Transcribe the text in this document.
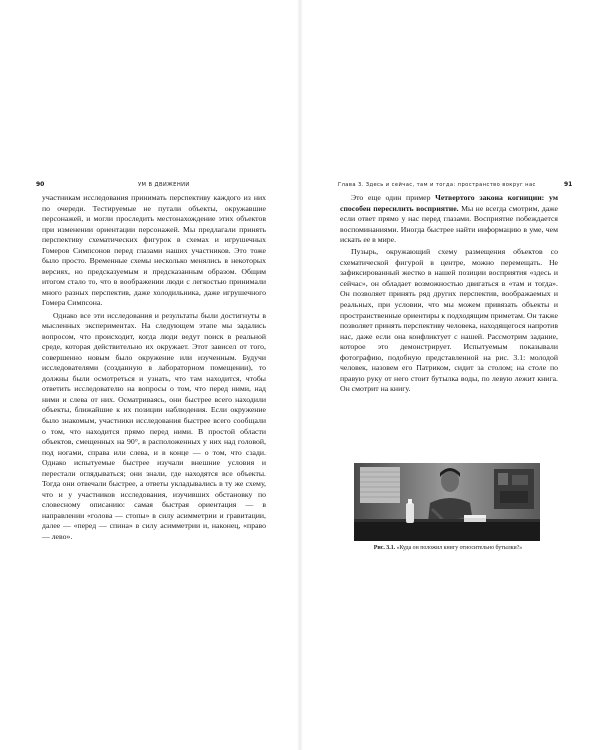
90	УМ В ДВИЖЕНИИ

участникам исследования принимать перспективу каждого из них по очереди. Тестируемые не путали объекты, окружавшие персонажей, и могли проследить местонахождение этих объектов при изменении ориентации персонажей. Мы предлагали принять перспективу схематических фигурок в схемах и игрушечных Гомеров Симпсонов перед глазами наших участников. Это тоже было просто. Временные схемы несколько менялись в некоторых версиях, но предсказуемым и предсказанным образом. Общим итогом стало то, что в воображении люди с легкостью принимали много разных перспектив, даже холодильника, даже игрушечного Гомера Симпсона.

Однако все эти исследования и результаты были достигнуты в мысленных экспериментах. На следующем этапе мы задались вопросом, что происходит, когда люди ведут поиск в реальной среде, которая действительно их окружает. Этот зависел от того, совершенно новым было окружение или изученным. Будучи исследователями (созданную в лабораторном помещении), то должны были осмотреться и узнать, что там находится, чтобы ответить исследователю на вопросы о том, что перед ними, над ними и слева от них. Осматриваясь, они быстрее всего находили объекты, ближайшие к их позиции наблюдения. Если окружение было знакомым, участники исследования быстрее всего сообщали о том, что находится прямо перед ними. В простой области объектов, смещенных на 90°, в расположенных у них над головой, под ногами, справа или слева, и в конце — о том, что сзади. Однако испытуемые быстрее изучали внешние условия и перестали оглядываться; они знали, где находятся все объекты. Тогда они отвечали быстрее, а ответы укладывались в ту же схему, что и у участников исследования, изучивших обстановку по словесному описанию: самая быстрая ориентация — в направлении «голова — стопы» в силу асимметрии и гравитации, далее — «перед — спина» в силу асимметрии и, наконец, «право — лево».

Глава 3. Здесь и сейчас, там и тогда: пространство вокруг нас	91

Это еще один пример Четвертого закона когниции: ум способен пересилить восприятие. Мы не всегда смотрим, даже если ответ прямо у нас перед глазами. Восприятие побеждается воспоминаниями. Иногда быстрее найти информацию в уме, чем искать ее в мире.

Пузырь, окружающий схему размещения объектов со схематической фигурой в центре, можно перемещать. Не зафиксированный жестко в нашей позиции восприятия «здесь и сейчас», он обладает возможностью двигаться в «там и тогда». Он позволяет принять ряд других перспектив, воображаемых и реальных, при условии, что мы можем привязать объекты и пространственные ориентиры к подходящим приметам. Он также позволяет принять перспективу человека, находящегося напротив нас, даже если она конфликтует с нашей. Рассмотрим задание, которое это демонстрирует. Испытуемым показывали фотографию, подобную представленной на рис. 3.1: молодой человек, назовем его Патриком, сидит за столом; на столе по правую руку от него стоит бутылка воды, по левую лежит книга. Он смотрит на книгу.

Рис. 3.1. «Куда он положил книгу относительно бутылки?»
